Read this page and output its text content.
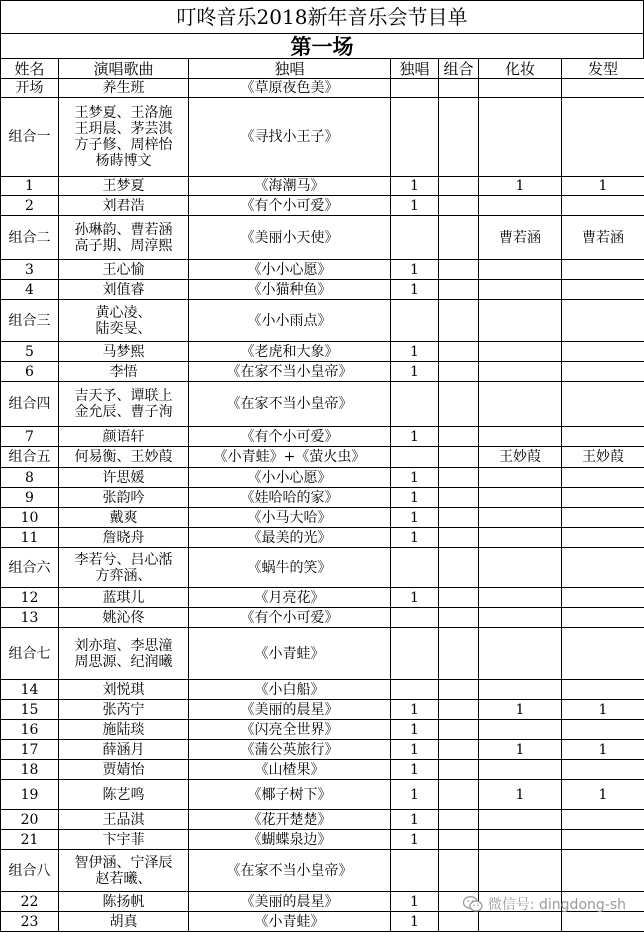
叮咚音乐2018新年音乐会节目单
第一场
姓名	演唱歌曲	独唱	独唱	组合	化妆	发型
开场	养生班	《草原夜色美》				
组合一	王梦夏、王洛施
王玥晨、茅芸淇
方子修、周梓怡
杨蒔博文	《寻找小王子》				
1	王梦夏	《海潮马》	1		1	1
2	刘君浩	《有个小可爱》	1			
组合二	孙琳韵、曹若涵
高子期、周淳熙	《美丽小天使》			曹若涵	曹若涵
3	王心愉	《小小心愿》	1			
4	刘值睿	《小猫种鱼》	1			
组合三	黄心凌、
陆奕旻、	《小小雨点》				
5	马梦熙	《老虎和大象》	1			
6	李悟	《在家不当小皇帝》	1			
组合四	吉天予、谭联上
金允辰、曹子洵	《在家不当小皇帝》				
7	颜语轩	《有个小可爱》	1			
组合五	何易衡、王妙葭	《小青蛙》+《萤火虫》			王妙葭	王妙葭
8	许思媛	《小小心愿》	1			
9	张韵吟	《娃哈哈的家》	1			
10	戴爽	《小马大哈》	1			
11	詹晓舟	《最美的光》	1			
组合六	李若兮、吕心湉
方弈涵、	《蜗牛的笑》				
12	蓝琪儿	《月亮花》	1			
13	姚沁佟	《有个小可爱》				
组合七	刘亦瑄、李思潼
周思源、纪润曦	《小青蛙》				
14	刘悦琪	《小白船》				
15	张芮宁	《美丽的晨星》	1		1	1
16	施陆琰	《闪亮全世界》	1			
17	薛涵月	《蒲公英旅行》	1		1	1
18	贾婧怡	《山楂果》	1			
19	陈艺鸣	《椰子树下》	1		1	1
20	王品淇	《花开楚楚》	1			
21	卞宇菲	《蝴蝶泉边》	1			
组合八	智伊涵、宁泽辰
赵若曦、	《在家不当小皇帝》				
22	陈扬帆	《美丽的晨星》	1			
23	胡真	《小青蛙》	1			
微信号: dingdong-sh
